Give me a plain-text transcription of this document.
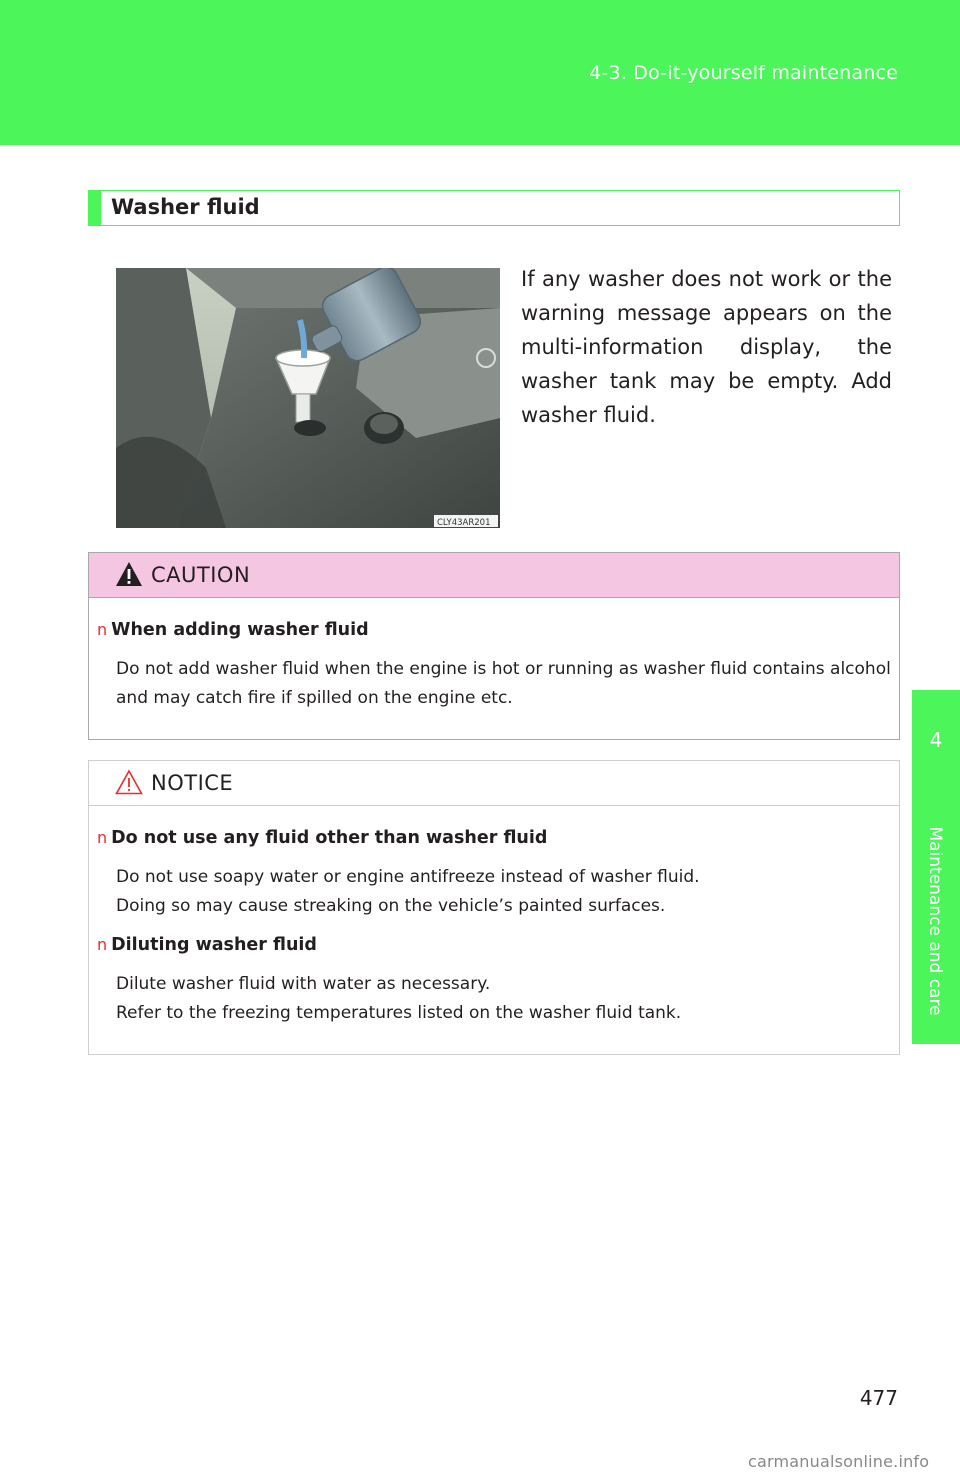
4-3. Do-it-yourself maintenance
4
Maintenance and care
Washer fluid
CLY43AR201
If any washer does not work or the warning message appears on the multi-information display, the washer tank may be empty. Add washer fluid.
CAUTION
n When adding washer fluid
Do not add washer fluid when the engine is hot or running as washer fluid contains alcohol and may catch fire if spilled on the engine etc.
NOTICE
n Do not use any fluid other than washer fluid
Do not use soapy water or engine antifreeze instead of washer fluid.
Doing so may cause streaking on the vehicle’s painted surfaces.
n Diluting washer fluid
Dilute washer fluid with water as necessary.
Refer to the freezing temperatures listed on the washer fluid tank.
477
carmanualsonline.info
